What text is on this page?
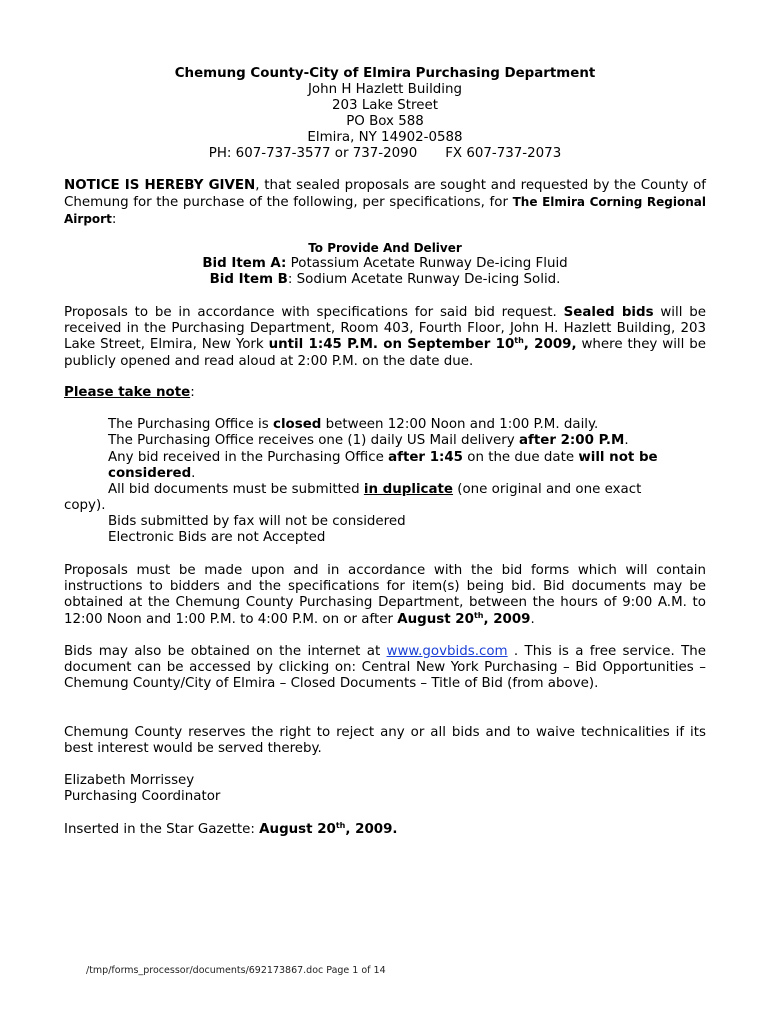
Chemung County-City of Elmira Purchasing Department
John H Hazlett Building
203 Lake Street
PO Box 588
Elmira, NY 14902-0588
PH: 607-737-3577 or 737-2090 FX 607-737-2073
NOTICE IS HEREBY GIVEN, that sealed proposals are sought and requested by the County of Chemung for the purchase of the following, per specifications, for The Elmira Corning Regional Airport:
To Provide And Deliver
Bid Item A: Potassium Acetate Runway De-icing Fluid
Bid Item B: Sodium Acetate Runway De-icing Solid.
Proposals to be in accordance with specifications for said bid request. Sealed bids will be received in the Purchasing Department, Room 403, Fourth Floor, John H. Hazlett Building, 203 Lake Street, Elmira, New York until 1:45 P.M. on September 10th, 2009, where they will be publicly opened and read aloud at 2:00 P.M. on the date due.
Please take note:
The Purchasing Office is closed between 12:00 Noon and 1:00 P.M. daily.
The Purchasing Office receives one (1) daily US Mail delivery after 2:00 P.M.
Any bid received in the Purchasing Office after 1:45 on the due date will not be considered.
All bid documents must be submitted in duplicate (one original and one exact
copy).
Bids submitted by fax will not be considered
Electronic Bids are not Accepted
Proposals must be made upon and in accordance with the bid forms which will contain instructions to bidders and the specifications for item(s) being bid. Bid documents may be obtained at the Chemung County Purchasing Department, between the hours of 9:00 A.M. to 12:00 Noon and 1:00 P.M. to 4:00 P.M. on or after August 20th, 2009.
Bids may also be obtained on the internet at www.govbids.com . This is a free service. The document can be accessed by clicking on: Central New York Purchasing – Bid Opportunities – Chemung County/City of Elmira – Closed Documents – Title of Bid (from above).
Chemung County reserves the right to reject any or all bids and to waive technicalities if its best interest would be served thereby.
Elizabeth Morrissey
Purchasing Coordinator
Inserted in the Star Gazette: August 20th, 2009.
/tmp/forms_processor/documents/692173867.doc Page 1 of 14
